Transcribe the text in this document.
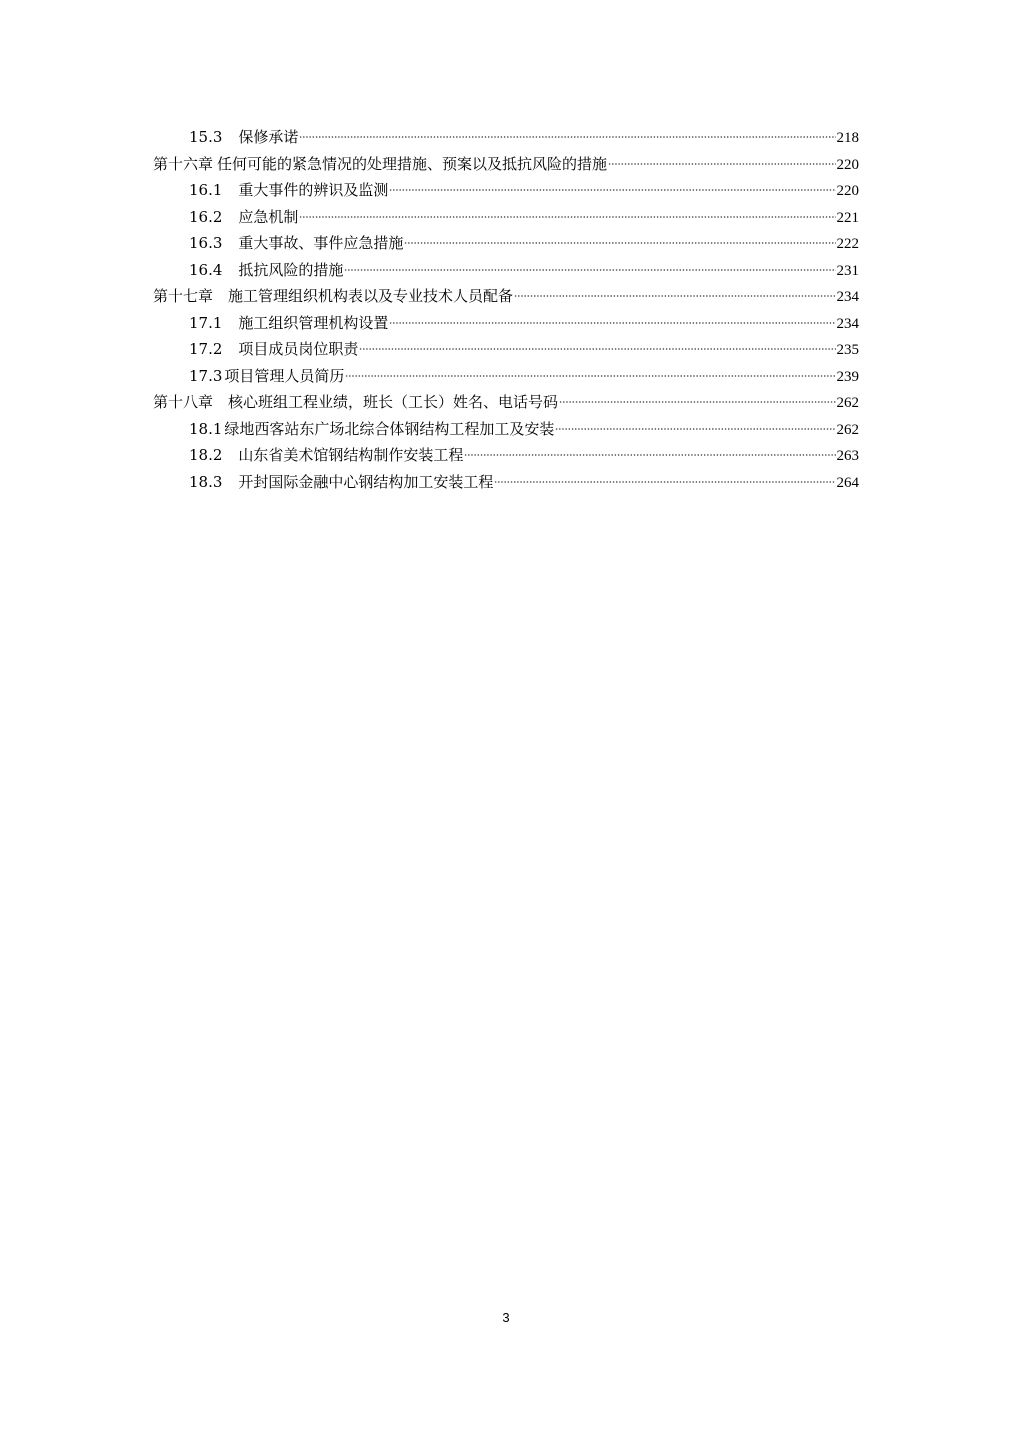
15.3 保修承诺	218
第十六章 任何可能的紧急情况的处理措施、预案以及抵抗风险的措施	220
16.1 重大事件的辨识及监测	220
16.2 应急机制	221
16.3 重大事故、事件应急措施	222
16.4 抵抗风险的措施	231
第十七章 施工管理组织机构表以及专业技术人员配备	234
17.1 施工组织管理机构设置	234
17.2 项目成员岗位职责	235
17.3 项目管理人员简历	239
第十八章 核心班组工程业绩，班长（工长）姓名、电话号码	262
18.1 绿地西客站东广场北综合体钢结构工程加工及安装	262
18.2 山东省美术馆钢结构制作安装工程	263
18.3 开封国际金融中心钢结构加工安装工程	264
3
